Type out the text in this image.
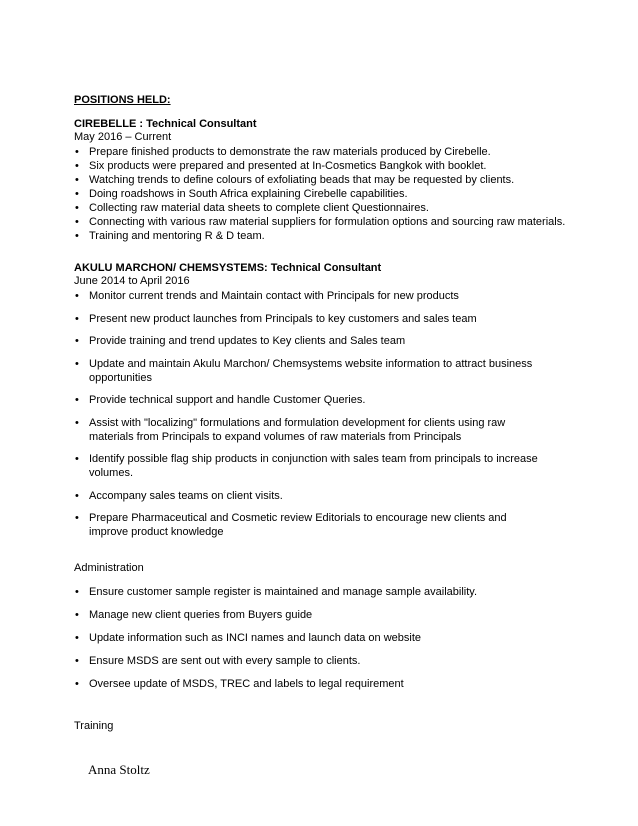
POSITIONS HELD:
CIREBELLE : Technical Consultant
May 2016 – Current
• Prepare finished products to demonstrate the raw materials produced by Cirebelle.
• Six products were prepared and presented at In-Cosmetics Bangkok with booklet.
• Watching trends to define colours of exfoliating beads that may be requested by clients.
• Doing roadshows in South Africa explaining Cirebelle capabilities.
• Collecting raw material data sheets to complete client Questionnaires.
• Connecting with various raw material suppliers for formulation options and sourcing raw materials.
• Training and mentoring R & D team.
AKULU MARCHON/ CHEMSYSTEMS: Technical Consultant
June 2014 to April 2016
• Monitor current trends and Maintain contact with Principals for new products
• Present new product launches from Principals to key customers and sales team
• Provide training and trend updates to Key clients and Sales team
• Update and maintain Akulu Marchon/ Chemsystems website information to attract business opportunities
• Provide technical support and handle Customer Queries.
• Assist with "localizing" formulations and formulation development for clients using raw materials from Principals to expand volumes of raw materials from Principals
• Identify possible flag ship products in conjunction with sales team from principals to increase volumes.
• Accompany sales teams on client visits.
• Prepare Pharmaceutical and Cosmetic review Editorials to encourage new clients and improve product knowledge
Administration
• Ensure customer sample register is maintained and manage sample availability.
• Manage new client queries from Buyers guide
• Update information such as INCI names and launch data on website
• Ensure MSDS are sent out with every sample to clients.
• Oversee update of MSDS, TREC and labels to legal requirement
Training
Anna Stoltz
